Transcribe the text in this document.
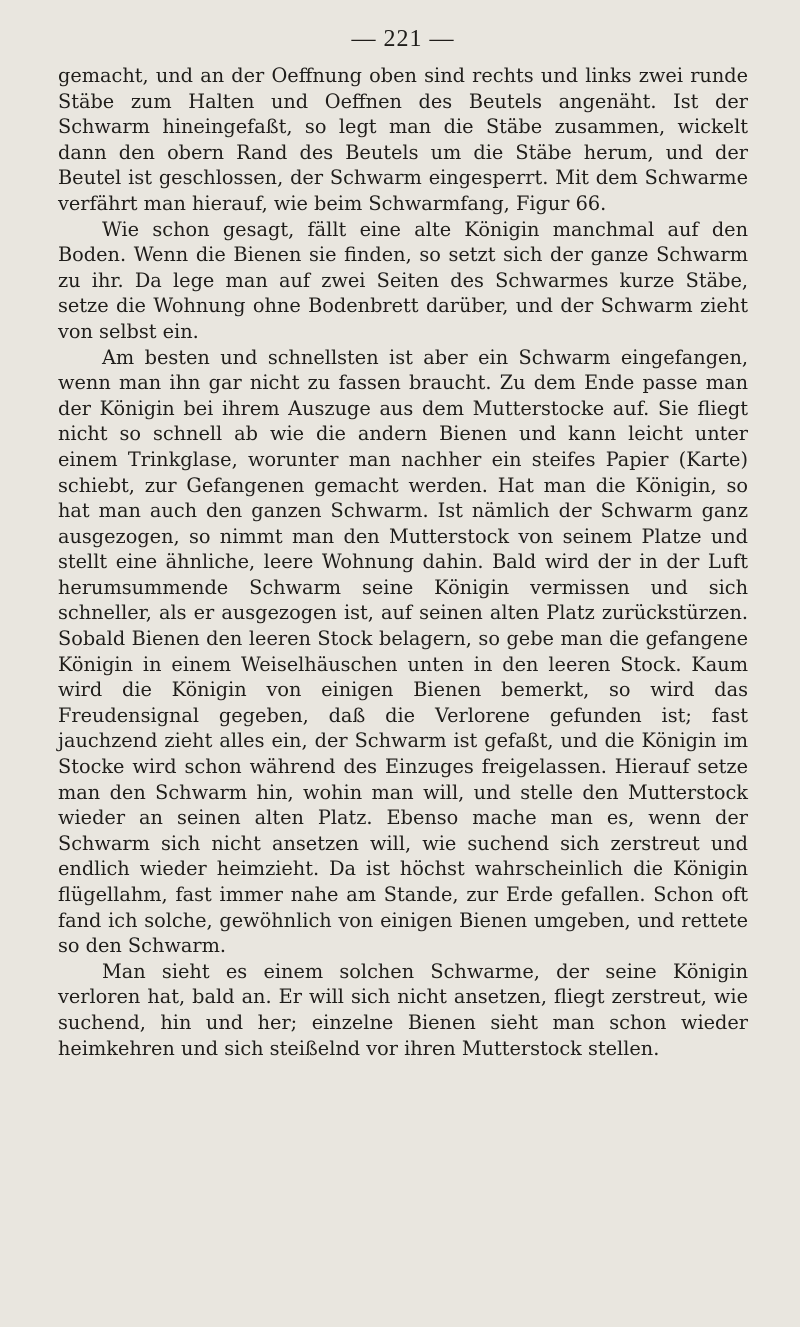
— 221 —

gemacht, und an der Oeffnung oben sind rechts und links zwei runde Stäbe zum Halten und Oeffnen des Beutels angenäht. Ist der Schwarm hineingefaßt, so legt man die Stäbe zusammen, wickelt dann den obern Rand des Beutels um die Stäbe herum, und der Beutel ist geschlossen, der Schwarm eingesperrt. Mit dem Schwarme verfährt man hierauf, wie beim Schwarmfang, Figur 66.

Wie schon gesagt, fällt eine alte Königin manchmal auf den Boden. Wenn die Bienen sie finden, so setzt sich der ganze Schwarm zu ihr. Da lege man auf zwei Seiten des Schwarmes kurze Stäbe, setze die Wohnung ohne Bodenbrett darüber, und der Schwarm zieht von selbst ein.

Am besten und schnellsten ist aber ein Schwarm eingefangen, wenn man ihn gar nicht zu fassen braucht. Zu dem Ende passe man der Königin bei ihrem Auszuge aus dem Mutterstocke auf. Sie fliegt nicht so schnell ab wie die andern Bienen und kann leicht unter einem Trinkglase, worunter man nachher ein steifes Papier (Karte) schiebt, zur Gefangenen gemacht werden. Hat man die Königin, so hat man auch den ganzen Schwarm. Ist nämlich der Schwarm ganz ausgezogen, so nimmt man den Mutterstock von seinem Platze und stellt eine ähnliche, leere Wohnung dahin. Bald wird der in der Luft herumsummende Schwarm seine Königin vermissen und sich schneller, als er ausgezogen ist, auf seinen alten Platz zurückstürzen. Sobald Bienen den leeren Stock belagern, so gebe man die gefangene Königin in einem Weiselhäuschen unten in den leeren Stock. Kaum wird die Königin von einigen Bienen bemerkt, so wird das Freudensignal gegeben, daß die Verlorene gefunden ist; fast jauchzend zieht alles ein, der Schwarm ist gefaßt, und die Königin im Stocke wird schon während des Einzuges freigelassen. Hierauf setze man den Schwarm hin, wohin man will, und stelle den Mutterstock wieder an seinen alten Platz. Ebenso mache man es, wenn der Schwarm sich nicht ansetzen will, wie suchend sich zerstreut und endlich wieder heimzieht. Da ist höchst wahrscheinlich die Königin flügellahm, fast immer nahe am Stande, zur Erde gefallen. Schon oft fand ich solche, gewöhnlich von einigen Bienen umgeben, und rettete so den Schwarm.

Man sieht es einem solchen Schwarme, der seine Königin verloren hat, bald an. Er will sich nicht ansetzen, fliegt zerstreut, wie suchend, hin und her; einzelne Bienen sieht man schon wieder heimkehren und sich steißelnd vor ihren Mutterstock stellen.
